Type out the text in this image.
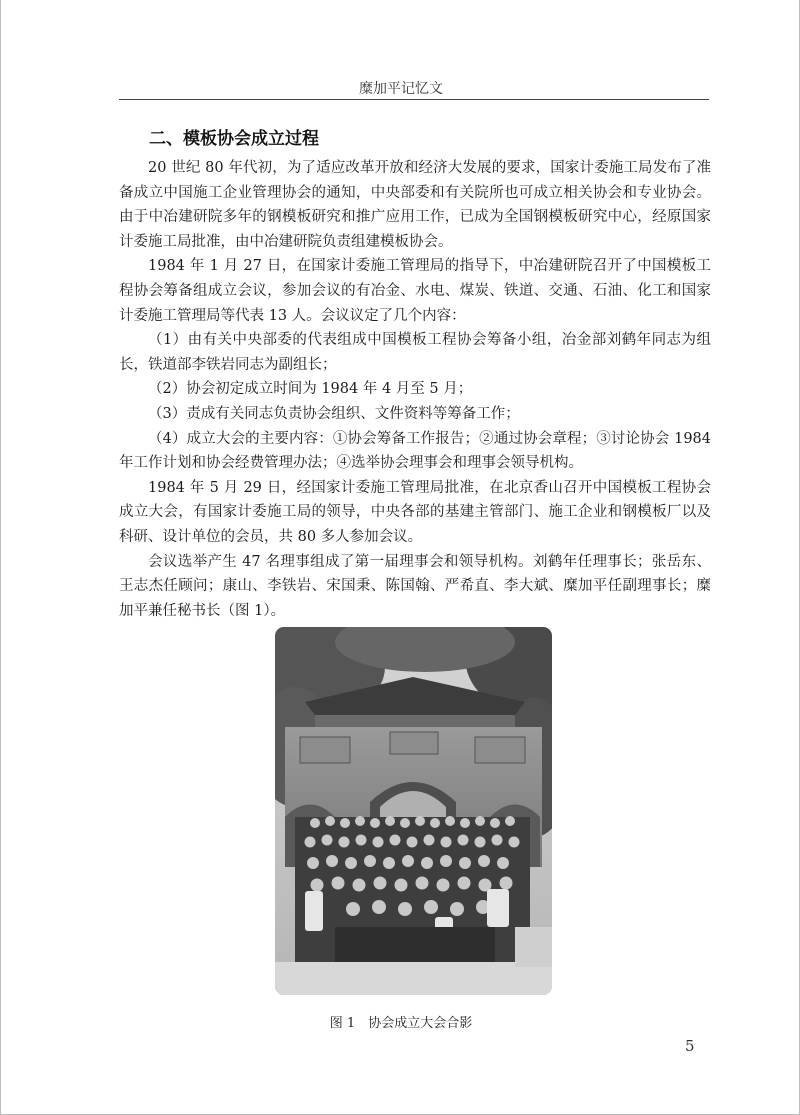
糜加平记忆文
二、模板协会成立过程

20 世纪 80 年代初，为了适应改革开放和经济大发展的要求，国家计委施工局发布了准备成立中国施工企业管理协会的通知，中央部委和有关院所也可成立相关协会和专业协会。由于中冶建研院多年的钢模板研究和推广应用工作，已成为全国钢模板研究中心，经原国家计委施工局批准，由中冶建研院负责组建模板协会。

1984 年 1 月 27 日，在国家计委施工管理局的指导下，中冶建研院召开了中国模板工程协会筹备组成立会议，参加会议的有冶金、水电、煤炭、铁道、交通、石油、化工和国家计委施工管理局等代表 13 人。会议议定了几个内容：

（1）由有关中央部委的代表组成中国模板工程协会筹备小组，冶金部刘鹤年同志为组长，铁道部李铁岩同志为副组长；

（2）协会初定成立时间为 1984 年 4 月至 5 月；

（3）责成有关同志负责协会组织、文件资料等筹备工作；

（4）成立大会的主要内容：①协会筹备工作报告；②通过协会章程；③讨论协会 1984 年工作计划和协会经费管理办法；④选举协会理事会和理事会领导机构。

1984 年 5 月 29 日，经国家计委施工管理局批准，在北京香山召开中国模板工程协会成立大会，有国家计委施工局的领导，中央各部的基建主管部门、施工企业和钢模板厂以及科研、设计单位的会员，共 80 多人参加会议。

会议选举产生 47 名理事组成了第一届理事会和领导机构。刘鹤年任理事长；张岳东、王志杰任顾问；康山、李铁岩、宋国秉、陈国翰、严希直、李大斌、糜加平任副理事长；糜加平兼任秘书长（图 1）。

图 1　协会成立大会合影
5
